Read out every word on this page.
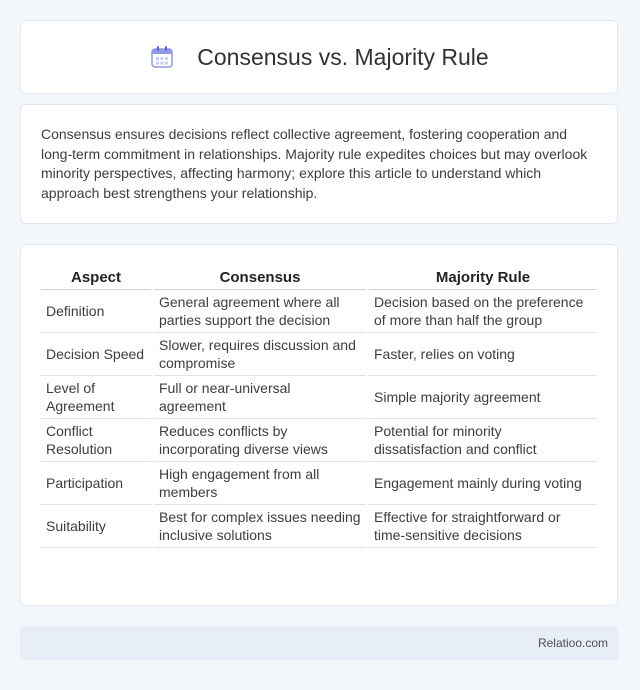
Consensus vs. Majority Rule

Consensus ensures decisions reflect collective agreement, fostering cooperation and long-term commitment in relationships. Majority rule expedites choices but may overlook minority perspectives, affecting harmony; explore this article to understand which approach best strengthens your relationship.

Aspect	Consensus	Majority Rule
Definition	General agreement where all parties support the decision	Decision based on the preference of more than half the group
Decision Speed	Slower, requires discussion and compromise	Faster, relies on voting
Level of Agreement	Full or near-universal agreement	Simple majority agreement
Conflict Resolution	Reduces conflicts by incorporating diverse views	Potential for minority dissatisfaction and conflict
Participation	High engagement from all members	Engagement mainly during voting
Suitability	Best for complex issues needing inclusive solutions	Effective for straightforward or time-sensitive decisions
Relatioo.com
